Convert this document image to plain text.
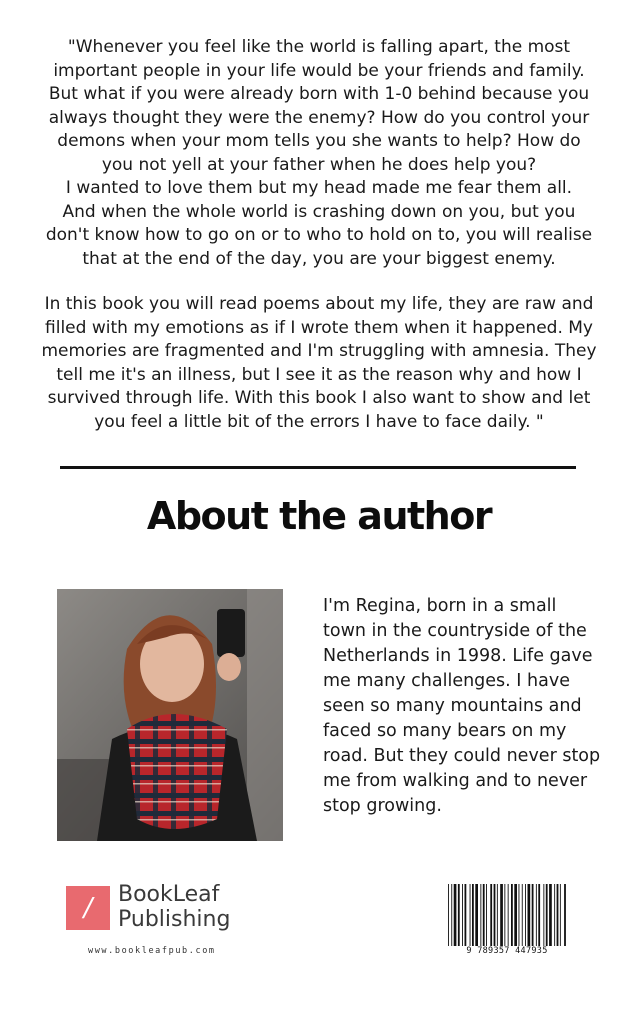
"Whenever you feel like the world is falling apart, the most important people in your life would be your friends and family. But what if you were already born with 1-0 behind because you always thought they were the enemy? How do you control your demons when your mom tells you she wants to help? How do you not yell at your father when he does help you?

I wanted to love them but my head made me fear them all.

And when the whole world is crashing down on you, but you don't know how to go on or to who to hold on to, you will realise that at the end of the day, you are your biggest enemy.

In this book you will read poems about my life, they are raw and filled with my emotions as if I wrote them when it happened. My memories are fragmented and I'm struggling with amnesia. They tell me it's an illness, but I see it as the reason why and how I survived through life. With this book I also want to show and let you feel a little bit of the errors I have to face daily. "

About the author
I'm Regina, born in a small town in the countryside of the Netherlands in 1998. Life gave me many challenges. I have seen so many mountains and faced so many bears on my road. But they could never stop me from walking and to never stop growing.
/	BookLeaf
Publishing
www.bookleafpub.com	9 789357 447935
